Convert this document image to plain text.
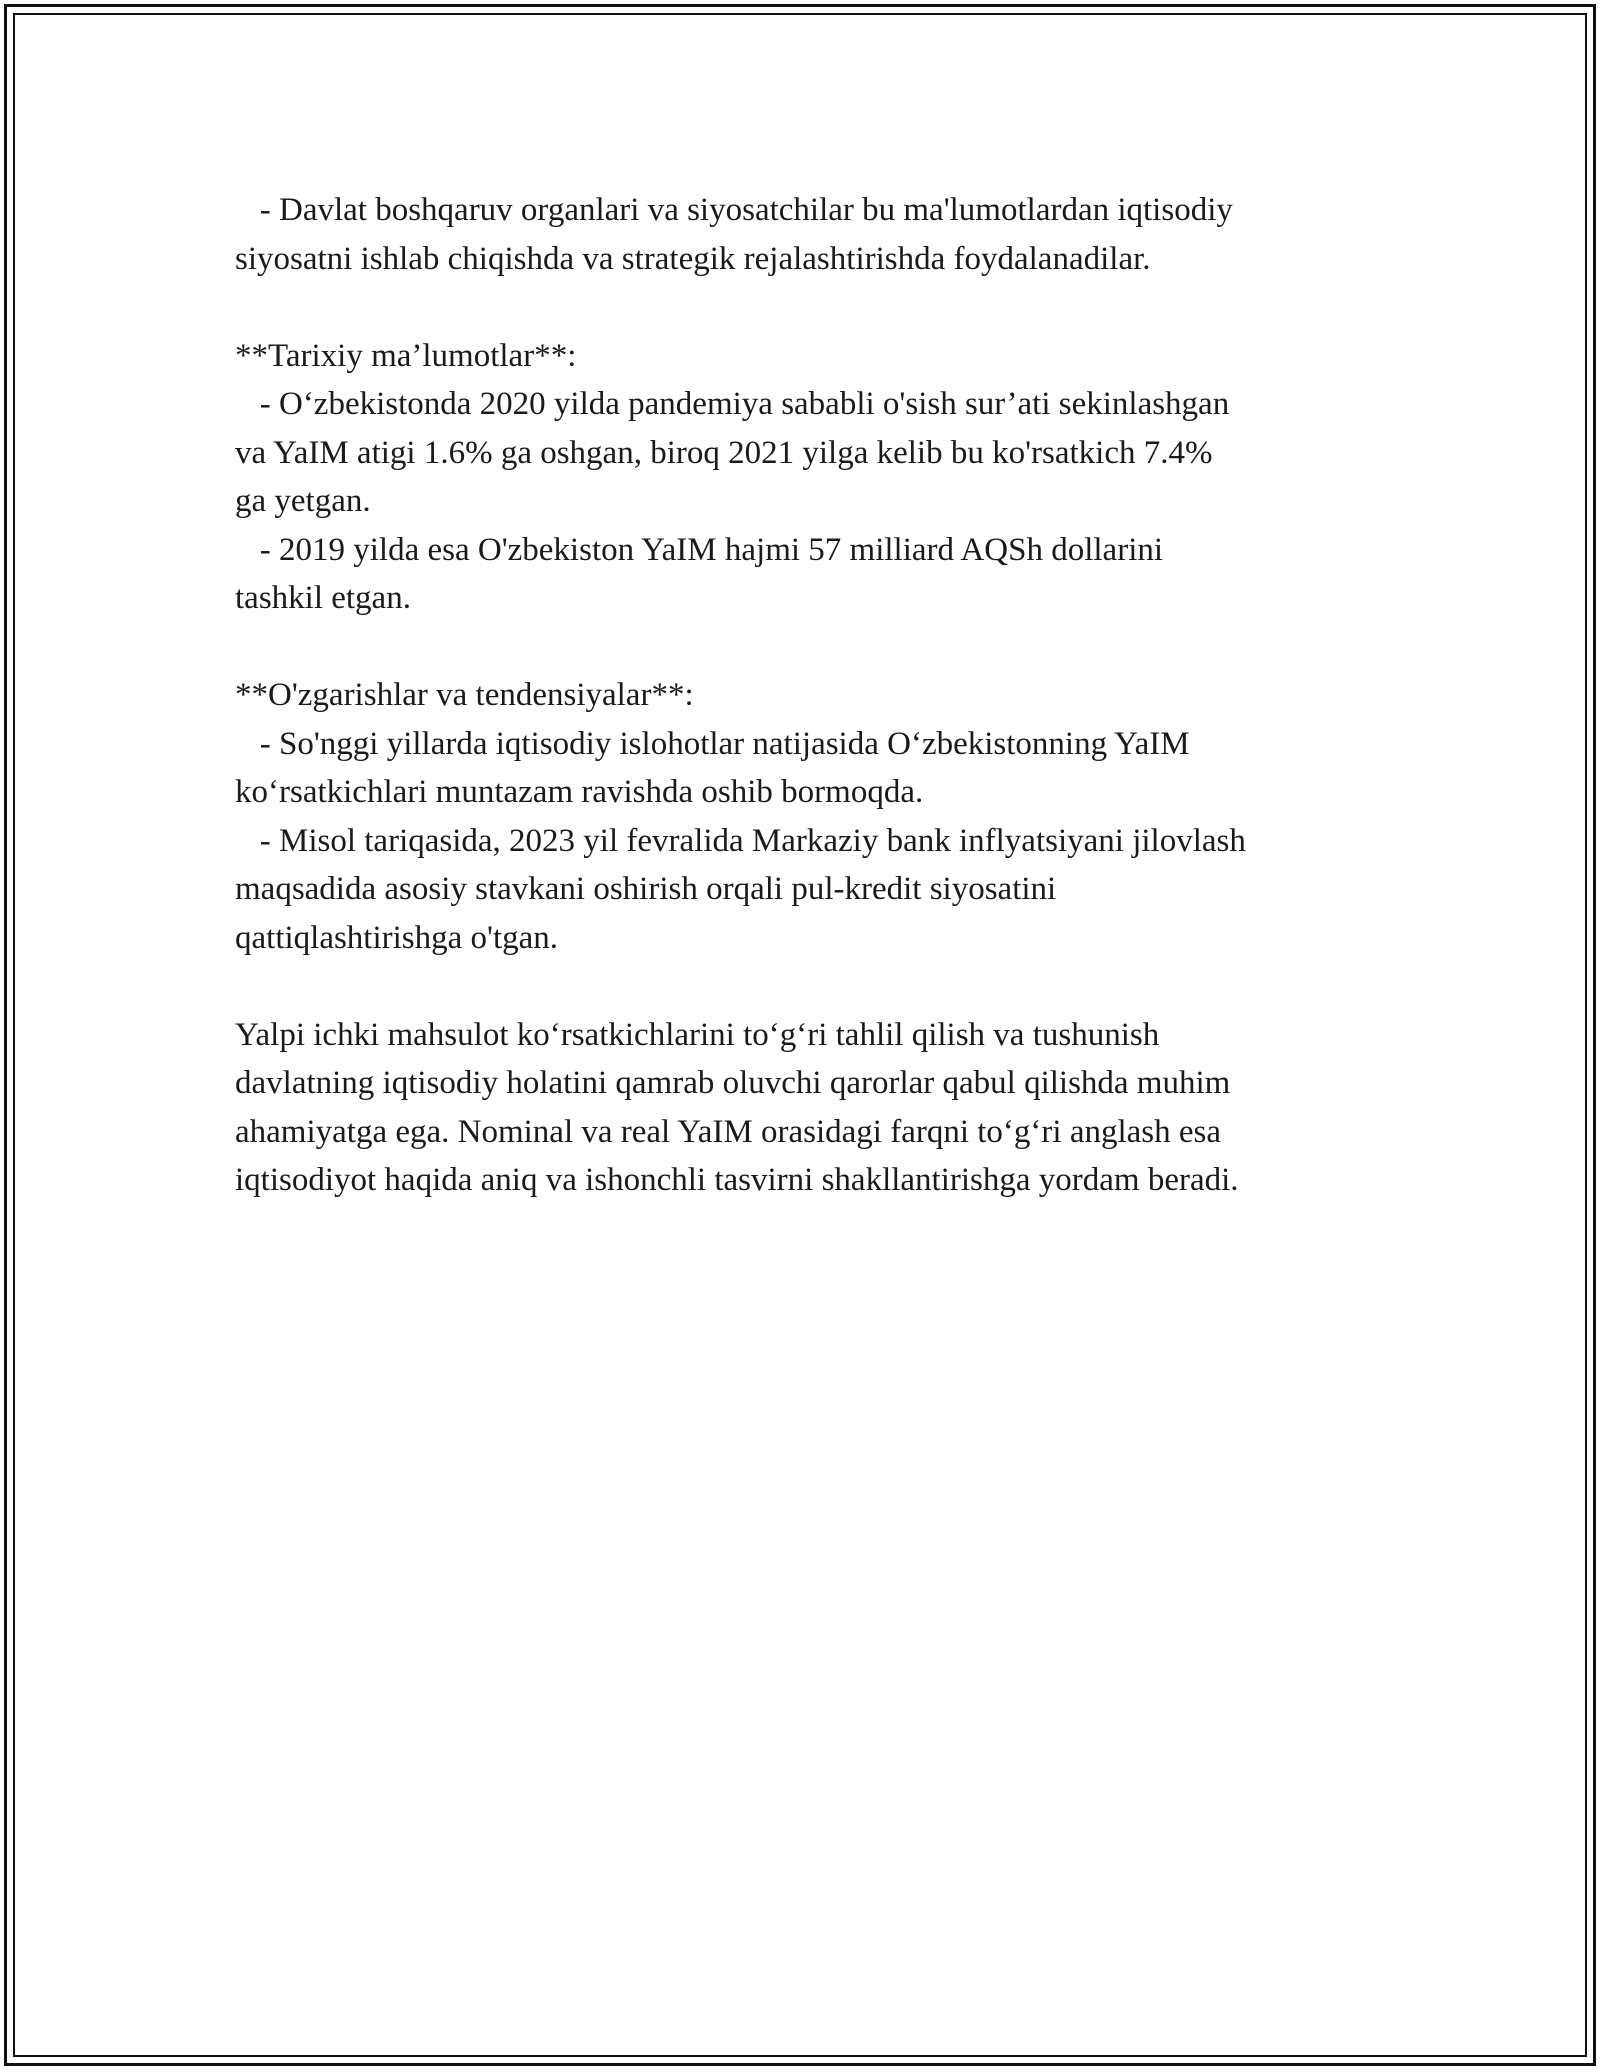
- Davlat boshqaruv organlari va siyosatchilar bu ma'lumotlardan iqtisodiy
siyosatni ishlab chiqishda va strategik rejalashtirishda foydalanadilar.
**Tarixiy ma’lumotlar**:
- O‘zbekistonda 2020 yilda pandemiya sababli o'sish sur’ati sekinlashgan
va YaIM atigi 1.6% ga oshgan, biroq 2021 yilga kelib bu ko'rsatkich 7.4%
ga yetgan.
- 2019 yilda esa O'zbekiston YaIM hajmi 57 milliard AQSh dollarini
tashkil etgan.
**O'zgarishlar va tendensiyalar**:
- So'nggi yillarda iqtisodiy islohotlar natijasida O‘zbekistonning YaIM
ko‘rsatkichlari muntazam ravishda oshib bormoqda.
- Misol tariqasida, 2023 yil fevralida Markaziy bank inflyatsiyani jilovlash
maqsadida asosiy stavkani oshirish orqali pul-kredit siyosatini
qattiqlashtirishga o'tgan.
Yalpi ichki mahsulot ko‘rsatkichlarini to‘g‘ri tahlil qilish va tushunish
davlatning iqtisodiy holatini qamrab oluvchi qarorlar qabul qilishda muhim
ahamiyatga ega. Nominal va real YaIM orasidagi farqni to‘g‘ri anglash esa
iqtisodiyot haqida aniq va ishonchli tasvirni shakllantirishga yordam beradi.
